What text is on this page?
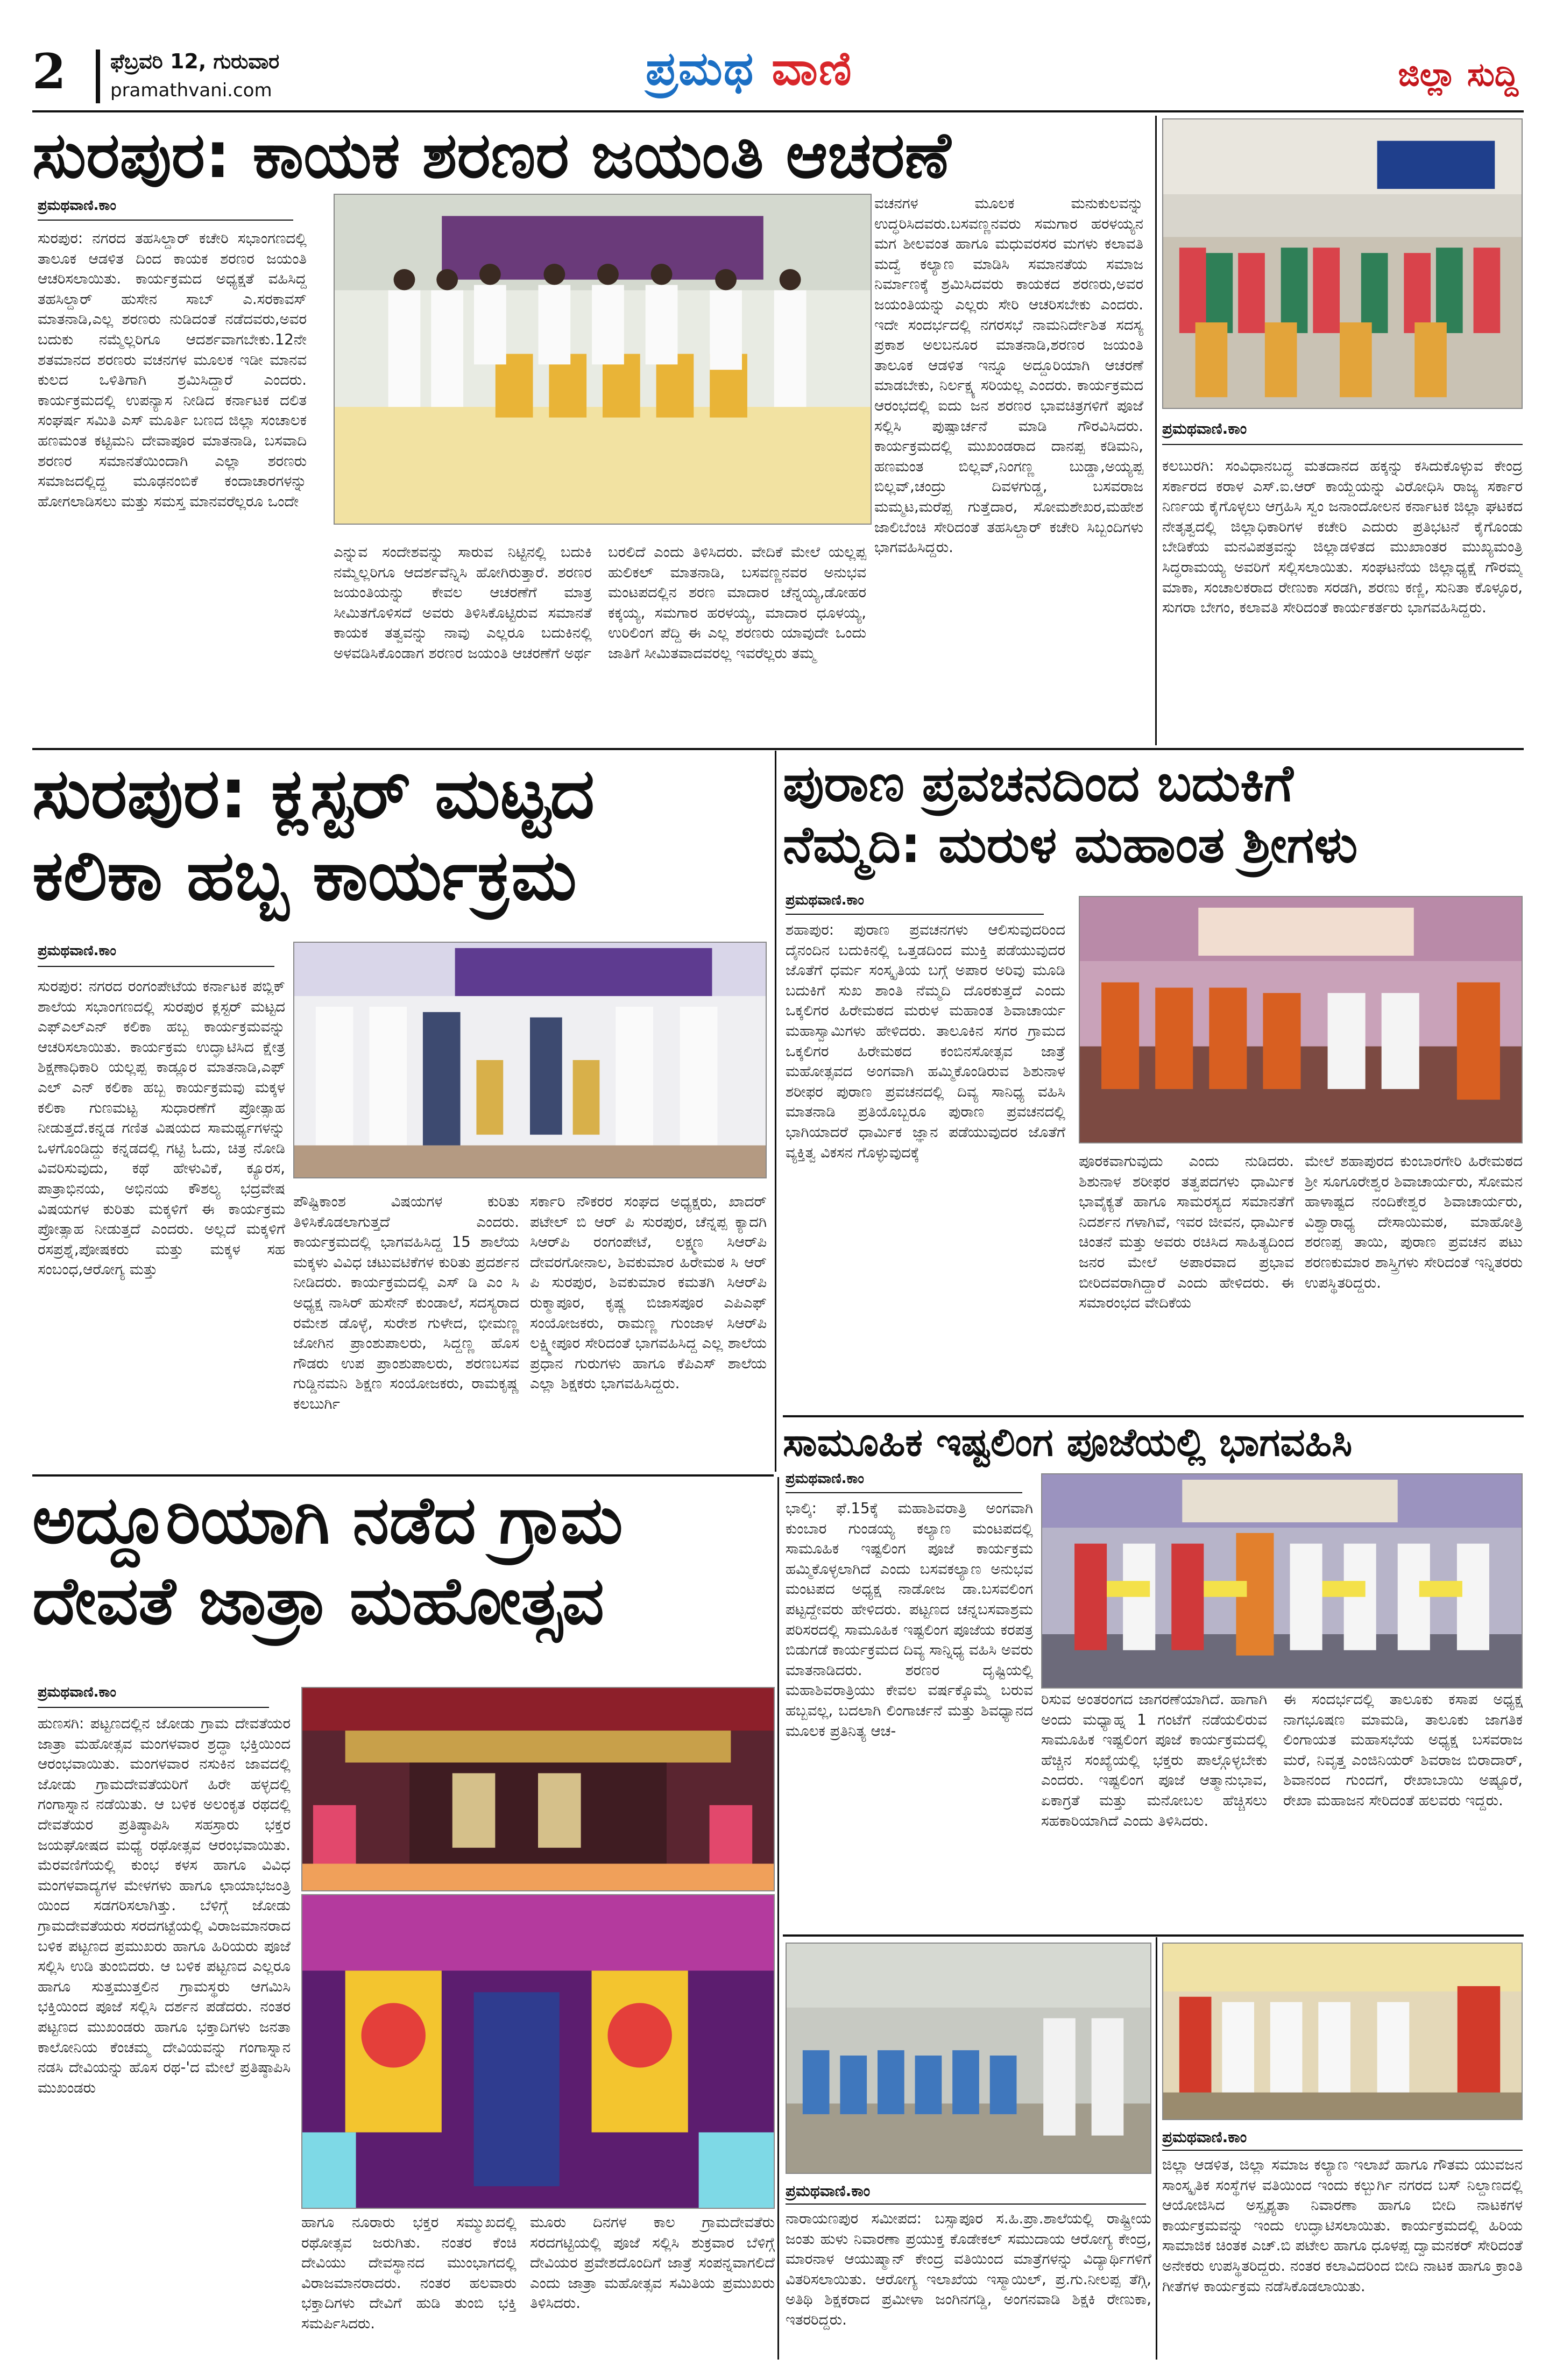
2 ಫೆಬ್ರವರಿ 12, ಗುರುವಾರ
pramathvani.com	ಪ್ರಮಥ ವಾಣಿ	ಜಿಲ್ಲಾ ಸುದ್ದಿ
ಸುರಪುರ: ಕಾಯಕ ಶರಣರ ಜಯಂತಿ ಆಚರಣೆ
ಪ್ರಮಥವಾಣಿ.ಕಾಂ
ಸುರಪುರ: ನಗರದ ತಹಸಿಲ್ದಾರ್ ಕಚೇರಿ ಸಭಾಂಗಣದಲ್ಲಿ ತಾಲೂಕ ಆಡಳಿತ ದಿಂದ ಕಾಯಕ ಶರಣರ ಜಯಂತಿ ಆಚರಿಸಲಾಯಿತು. ಕಾರ್ಯಕ್ರಮದ ಅಧ್ಯಕ್ಷತೆ ವಹಿಸಿದ್ದ ತಹಸಿಲ್ದಾರ್ ಹುಸೇನ ಸಾಬ್ ಎ.ಸರಕಾವಸ್ ಮಾತನಾಡಿ,ಎಲ್ಲ ಶರಣರು ನುಡಿದಂತೆ ನಡೆದವರು,ಅವರ ಬದುಕು ನಮ್ಮೆಲ್ಲರಿಗೂ ಆದರ್ಶವಾಗಬೇಕು.12ನೇ ಶತಮಾನದ ಶರಣರು ವಚನಗಳ ಮೂಲಕ ಇಡೀ ಮಾನವ ಕುಲದ ಒಳಿತಿಗಾಗಿ ಶ್ರಮಿಸಿದ್ದಾರೆ ಎಂದರು. ಕಾರ್ಯಕ್ರಮದಲ್ಲಿ ಉಪನ್ಯಾಸ ನೀಡಿದ ಕರ್ನಾಟಕ ದಲಿತ ಸಂಘರ್ಷ ಸಮಿತಿ ಎಸ್ ಮೂರ್ತಿ ಬಣದ ಜಿಲ್ಲಾ ಸಂಚಾಲಕ ಹಣಮಂತ ಕಟ್ಟಿಮನಿ ದೇವಾಪೂರ ಮಾತನಾಡಿ, ಬಸವಾದಿ ಶರಣರ ಸಮಾನತೆಯಿಂದಾಗಿ ಎಲ್ಲಾ ಶರಣರು ಸಮಾಜದಲ್ಲಿದ್ದ ಮೂಢನಂಬಿಕೆ ಕಂದಾಚಾರಗಳನ್ನು ಹೋಗಲಾಡಿಸಲು ಮತ್ತು ಸಮಸ್ತ ಮಾನವರೆಲ್ಲರೂ ಒಂದೇ
ಎನ್ನುವ ಸಂದೇಶವನ್ನು ಸಾರುವ ನಿಟ್ಟಿನಲ್ಲಿ ಬದುಕಿ ನಮ್ಮೆಲ್ಲರಿಗೂ ಆದರ್ಶವೆನ್ನಿಸಿ ಹೋಗಿರುತ್ತಾರೆ. ಶರಣರ ಜಯಂತಿಯನ್ನು ಕೇವಲ ಆಚರಣೆಗೆ ಮಾತ್ರ ಸೀಮಿತಗೊಳಿಸದೆ ಅವರು ತಿಳಿಸಿಕೊಟ್ಟಿರುವ ಸಮಾನತೆ ಕಾಯಕ ತತ್ವವನ್ನು ನಾವು ಎಲ್ಲರೂ ಬದುಕಿನಲ್ಲಿ ಅಳವಡಿಸಿಕೊಂಡಾಗ ಶರಣರ ಜಯಂತಿ ಆಚರಣೆಗೆ ಅರ್ಥ
ಬರಲಿದೆ ಎಂದು ತಿಳಿಸಿದರು. ವೇದಿಕೆ ಮೇಲೆ ಯಲ್ಲಪ್ಪ ಹುಲಿಕಲ್ ಮಾತನಾಡಿ, ಬಸವಣ್ಣನವರ ಅನುಭವ ಮಂಟಪದಲ್ಲಿನ ಶರಣ ಮಾದಾರ ಚೆನ್ನಯ್ಯ,ಡೋಹರ ಕಕ್ಕಯ್ಯ, ಸಮಗಾರ ಹರಳಯ್ಯ, ಮಾದಾರ ಧೂಳಯ್ಯ, ಉರಿಲಿಂಗ ಪೆದ್ದಿ ಈ ಎಲ್ಲ ಶರಣರು ಯಾವುದೇ ಒಂದು ಜಾತಿಗೆ ಸೀಮಿತವಾದವರಲ್ಲ ಇವರೆಲ್ಲರು ತಮ್ಮ
ವಚನಗಳ ಮೂಲಕ ಮನುಕುಲವನ್ನು ಉದ್ಧರಿಸಿದವರು.ಬಸವಣ್ಣನವರು ಸಮಗಾರ ಹರಳಯ್ಯನ ಮಗ ಶೀಲವಂತ ಹಾಗೂ ಮಧುವರಸರ ಮಗಳು ಕಲಾವತಿ ಮದ್ವೆ ಕಲ್ಯಾಣ ಮಾಡಿಸಿ ಸಮಾನತೆಯ ಸಮಾಜ ನಿರ್ಮಾಣಕ್ಕೆ ಶ್ರಮಿಸಿದವರು ಕಾಯಕದ ಶರಣರು,ಅವರ ಜಯಂತಿಯನ್ನು ಎಲ್ಲರು ಸೇರಿ ಆಚರಿಸಬೇಕು ಎಂದರು. ಇದೇ ಸಂದರ್ಭದಲ್ಲಿ ನಗರಸಭೆ ನಾಮನಿರ್ದೇಶಿತ ಸದಸ್ಯ ಪ್ರಕಾಶ ಅಲಬನೂರ ಮಾತನಾಡಿ,ಶರಣರ ಜಯಂತಿ ತಾಲೂಕ ಆಡಳಿತ ಇನ್ನೂ ಅದ್ದೂರಿಯಾಗಿ ಆಚರಣೆ ಮಾಡಬೇಕು, ನಿರ್ಲಕ್ಷ್ಯ ಸರಿಯಲ್ಲ ಎಂದರು. ಕಾರ್ಯಕ್ರಮದ ಆರಂಭದಲ್ಲಿ ಐದು ಜನ ಶರಣರ ಭಾವಚಿತ್ರಗಳಿಗೆ ಪೂಜೆ ಸಲ್ಲಿಸಿ ಪುಷ್ಪಾರ್ಚನೆ ಮಾಡಿ ಗೌರವಿಸಿದರು. ಕಾರ್ಯಕ್ರಮದಲ್ಲಿ ಮುಖಂಡರಾದ ದಾನಪ್ಪ ಕಡಿಮನಿ, ಹಣಮಂತ ಬಿಲ್ಲವ್,ನಿಂಗಣ್ಣ ಬುಡ್ಡಾ,ಅಯ್ಯಪ್ಪ ಬಿಲ್ಲವ್,ಚಂದ್ರು ದಿವಳಗುಡ್ಡ, ಬಸವರಾಜ ಮಮ್ಮಟ,ಮರೆಪ್ಪ ಗುತ್ತೆದಾರ, ಸೋಮಶೇಖರ,ಮಹೇಶ ಜಾಲಿಬೆಂಚಿ ಸೇರಿದಂತೆ ತಹಸಿಲ್ದಾರ್ ಕಚೇರಿ ಸಿಬ್ಬಂದಿಗಳು ಭಾಗವಹಿಸಿದ್ದರು.
ಪ್ರಮಥವಾಣಿ.ಕಾಂ
ಕಲಬುರಗಿ: ಸಂವಿಧಾನಬದ್ಧ ಮತದಾನದ ಹಕ್ಕನ್ನು ಕಸಿದುಕೊಳ್ಳುವ ಕೇಂದ್ರ ಸರ್ಕಾರದ ಕರಾಳ ಎಸ್.ಐ.ಆರ್ ಕಾಯ್ದೆಯನ್ನು ವಿರೋಧಿಸಿ ರಾಜ್ಯ ಸರ್ಕಾರ ನಿರ್ಣಯ ಕೈಗೊಳ್ಳಲು ಆಗ್ರಹಿಸಿ ಸ್ವಂ ಜನಾಂದೋಲನ ಕರ್ನಾಟಕ ಜಿಲ್ಲಾ ಘಟಕದ ನೇತೃತ್ವದಲ್ಲಿ ಜಿಲ್ಲಾಧಿಕಾರಿಗಳ ಕಚೇರಿ ಎದುರು ಪ್ರತಿಭಟನೆ ಕೈಗೊಂಡು ಬೇಡಿಕೆಯ ಮನವಿಪತ್ರವನ್ನು ಜಿಲ್ಲಾಡಳಿತದ ಮುಖಾಂತರ ಮುಖ್ಯಮಂತ್ರಿ ಸಿದ್ಧರಾಮಯ್ಯ ಅವರಿಗೆ ಸಲ್ಲಿಸಲಾಯಿತು. ಸಂಘಟನೆಯ ಜಿಲ್ಲಾಧ್ಯಕ್ಷೆ ಗೌರಮ್ಮ ಮಾಕಾ, ಸಂಚಾಲಕರಾದ ರೇಣುಕಾ ಸರಡಗಿ, ಶರಣು ಕಣ್ಣಿ, ಸುನಿತಾ ಕೊಳ್ಳೂರ, ಸುಗರಾ ಬೇಗಂ, ಕಲಾವತಿ ಸೇರಿದಂತೆ ಕಾರ್ಯಕರ್ತರು ಭಾಗವಹಿಸಿದ್ದರು.
ಸುರಪುರ: ಕ್ಲಸ್ಟರ್ ಮಟ್ಟದ
ಕಲಿಕಾ ಹಬ್ಬ ಕಾರ್ಯಕ್ರಮ
ಪ್ರಮಥವಾಣಿ.ಕಾಂ
ಸುರಪುರ: ನಗರದ ರಂಗಂಪೇಟೆಯ ಕರ್ನಾಟಕ ಪಬ್ಲಿಕ್ ಶಾಲೆಯ ಸಭಾಂಗಣದಲ್ಲಿ ಸುರಪುರ ಕ್ಲಸ್ಟರ್ ಮಟ್ಟದ ಎಫ್‌ಎಲ್‌ಎನ್ ಕಲಿಕಾ ಹಬ್ಬ ಕಾರ್ಯಕ್ರಮವನ್ನು ಆಚರಿಸಲಾಯಿತು. ಕಾರ್ಯಕ್ರಮ ಉದ್ಘಾಟಿಸಿದ ಕ್ಷೇತ್ರ ಶಿಕ್ಷಣಾಧಿಕಾರಿ ಯಲ್ಲಪ್ಪ ಕಾಡ್ಲೂರ ಮಾತನಾಡಿ,ಎಫ್ ಎಲ್ ಎನ್ ಕಲಿಕಾ ಹಬ್ಬ ಕಾರ್ಯಕ್ರಮವು ಮಕ್ಕಳ ಕಲಿಕಾ ಗುಣಮಟ್ಟ ಸುಧಾರಣೆಗೆ ಪ್ರೋತ್ಸಾಹ ನೀಡುತ್ತದೆ.ಕನ್ನಡ ಗಣಿತ ವಿಷಯದ ಸಾಮರ್ಥ್ಯಗಳನ್ನು ಒಳಗೊಂಡಿದ್ದು ಕನ್ನಡದಲ್ಲಿ ಗಟ್ಟಿ ಓದು, ಚಿತ್ರ ನೋಡಿ ವಿವರಿಸುವುದು, ಕಥೆ ಹೇಳುವಿಕೆ, ಕ್ಯೂರಸ, ಪಾತ್ರಾಭಿನಯ, ಅಭಿನಯ ಕೌಶಲ್ಯ ಭದ್ರವೇಷ ವಿಷಯಗಳ ಕುರಿತು ಮಕ್ಕಳಿಗೆ ಈ ಕಾರ್ಯಕ್ರಮ ಪ್ರೋತ್ಸಾಹ ನೀಡುತ್ತದೆ ಎಂದರು. ಅಲ್ಲದೆ ಮಕ್ಕಳಿಗೆ ರಸಪ್ರಶ್ನೆ,ಪೋಷಕರು ಮತ್ತು ಮಕ್ಕಳ ಸಹ ಸಂಬಂಧ,ಆರೋಗ್ಯ ಮತ್ತು
ಪೌಷ್ಟಿಕಾಂಶ ವಿಷಯಗಳ ಕುರಿತು ತಿಳಿಸಿಕೊಡಲಾಗುತ್ತದೆ ಎಂದರು. ಕಾರ್ಯಕ್ರಮದಲ್ಲಿ ಭಾಗವಹಿಸಿದ್ದ 15 ಶಾಲೆಯ ಮಕ್ಕಳು ವಿವಿಧ ಚಟುವಟಿಕೆಗಳ ಕುರಿತು ಪ್ರದರ್ಶನ ನೀಡಿದರು. ಕಾರ್ಯಕ್ರಮದಲ್ಲಿ ಎಸ್ ಡಿ ಎಂ ಸಿ ಅಧ್ಯಕ್ಷ ನಾಸಿರ್ ಹುಸೇನ್ ಕುಂಡಾಲೆ, ಸದಸ್ಯರಾದ ರಮೇಶ ಡೊಳ್ಳೆ, ಸುರೇಶ ಗುಳೇದ, ಭೀಮಣ್ಣ ಜೋಗಿನ ಪ್ರಾಂಶುಪಾಲರು, ಸಿದ್ದಣ್ಣ ಹೊಸ ಗೌಡರು ಉಪ ಪ್ರಾಂಶುಪಾಲರು, ಶರಣಬಸವ ಗುಡ್ಡಿನಮನಿ ಶಿಕ್ಷಣ ಸಂಯೋಜಕರು, ರಾಮಕೃಷ್ಣ ಕಲಬುರ್ಗಿ
ಸರ್ಕಾರಿ ನೌಕರರ ಸಂಘದ ಅಧ್ಯಕ್ಷರು, ಖಾದರ್ ಪಟೇಲ್ ಬಿ ಆರ್ ಪಿ ಸುರಪುರ, ಚೆನ್ನಪ್ಪ ಕ್ಯಾದಗಿ ಸಿಆರ್‌ಪಿ ರಂಗಂಪೇಟೆ, ಲಕ್ಷ್ಮಣ ಸಿಆರ್‌ಪಿ ದೇವರಗೋನಾಲ, ಶಿವಕುಮಾರ ಹಿರೇಮಠ ಸಿ ಆರ್ ಪಿ ಸುರಪುರ, ಶಿವಕುಮಾರ ಕಮತಗಿ ಸಿಆರ್‌ಪಿ ರುಕ್ಮಾಪೂರ, ಕೃಷ್ಣ ಬಿಜಾಸಪೂರ ಎಪಿಎಫ್ ಸಂಯೋಜಕರು, ರಾಮಣ್ಣ ಗುಂಜಾಳ ಸಿಆರ್‌ಪಿ ಲಕ್ಷ್ಮೀಪೂರ ಸೇರಿದಂತೆ ಭಾಗವಹಿಸಿದ್ದ ಎಲ್ಲ ಶಾಲೆಯ ಪ್ರಧಾನ ಗುರುಗಳು ಹಾಗೂ ಕೆಪಿಎಸ್ ಶಾಲೆಯ ಎಲ್ಲಾ ಶಿಕ್ಷಕರು ಭಾಗವಹಿಸಿದ್ದರು.
ಪುರಾಣ ಪ್ರವಚನದಿಂದ ಬದುಕಿಗೆ
ನೆಮ್ಮದಿ: ಮರುಳ ಮಹಾಂತ ಶ್ರೀಗಳು
ಪ್ರಮಥವಾಣಿ.ಕಾಂ
ಶಹಾಪುರ: ಪುರಾಣ ಪ್ರವಚನಗಳು ಆಲಿಸುವುದರಿಂದ ದೈನಂದಿನ ಬದುಕಿನಲ್ಲಿ ಒತ್ತಡದಿಂದ ಮುಕ್ತಿ ಪಡೆಯುವುದರ ಜೊತೆಗೆ ಧರ್ಮ ಸಂಸ್ಕೃತಿಯ ಬಗ್ಗೆ ಅಪಾರ ಅರಿವು ಮೂಡಿ ಬದುಕಿಗೆ ಸುಖ ಶಾಂತಿ ನೆಮ್ಮದಿ ದೊರಕುತ್ತದೆ ಎಂದು ಒಕ್ಕಲಿಗರ ಹಿರೇಮಠದ ಮರುಳ ಮಹಾಂತ ಶಿವಾಚಾರ್ಯ ಮಹಾಸ್ವಾಮಿಗಳು ಹೇಳಿದರು. ತಾಲೂಕಿನ ಸಗರ ಗ್ರಾಮದ ಒಕ್ಕಲಿಗರ ಹಿರೇಮಠದ ಕಂಬಿನಸೋತ್ಸವ ಜಾತ್ರೆ ಮಹೋತ್ಸವದ ಅಂಗವಾಗಿ ಹಮ್ಮಿಕೊಂಡಿರುವ ಶಿಶುನಾಳ ಶರೀಫರ ಪುರಾಣ ಪ್ರವಚನದಲ್ಲಿ ದಿವ್ಯ ಸಾನಿಧ್ಯ ವಹಿಸಿ ಮಾತನಾಡಿ ಪ್ರತಿಯೊಬ್ಬರೂ ಪುರಾಣ ಪ್ರವಚನದಲ್ಲಿ ಭಾಗಿಯಾದರೆ ಧಾರ್ಮಿಕ ಜ್ಞಾನ ಪಡೆಯುವುದರ ಜೊತೆಗೆ ವ್ಯಕ್ತಿತ್ವ ವಿಕಸನ ಗೊಳ್ಳುವುದಕ್ಕೆ
ಪೂರಕವಾಗುವುದು ಎಂದು ನುಡಿದರು. ಶಿಶುನಾಳ ಶರೀಫರ ತತ್ವಪದಗಳು ಧಾರ್ಮಿಕ ಭಾವೈಕ್ಯತೆ ಹಾಗೂ ಸಾಮರಸ್ಯದ ಸಮಾನತೆಗೆ ನಿದರ್ಶನ ಗಳಾಗಿವೆ, ಇವರ ಜೀವನ, ಧಾರ್ಮಿಕ ಚಿಂತನೆ ಮತ್ತು ಅವರು ರಚಿಸಿದ ಸಾಹಿತ್ಯದಿಂದ ಜನರ ಮೇಲೆ ಅಪಾರವಾದ ಪ್ರಭಾವ ಬೀರಿದವರಾಗಿದ್ದಾರೆ ಎಂದು ಹೇಳಿದರು. ಈ ಸಮಾರಂಭದ ವೇದಿಕೆಯ
ಮೇಲೆ ಶಹಾಪುರದ ಕುಂಬಾರಗೇರಿ ಹಿರೇಮಠದ ಶ್ರೀ ಸೂಗೂರೇಶ್ವರ ಶಿವಾಚಾರ್ಯರು, ಸೋಮನ ಹಾಳಾಷ್ಟದ ನಂದಿಕೇಶ್ವರ ಶಿವಾಚಾರ್ಯರು, ವಿಶ್ವಾರಾಧ್ಯ ದೇಸಾಯಿಮಠ, ಮಾಹೋತ್ರಿ ಶರಣಪ್ಪ ತಾಯಿ, ಪುರಾಣ ಪ್ರವಚನ ಪಟು ಶರಣಕುಮಾರ ಶಾಸ್ತ್ರಿಗಳು ಸೇರಿದಂತೆ ಇನ್ನಿತರರು ಉಪಸ್ಥಿತರಿದ್ದರು.
ಸಾಮೂಹಿಕ ಇಷ್ಟಲಿಂಗ ಪೂಜೆಯಲ್ಲಿ ಭಾಗವಹಿಸಿ
ಪ್ರಮಥವಾಣಿ.ಕಾಂ
ಭಾಲ್ಕಿ: ಫೆ.15ಕ್ಕೆ ಮಹಾಶಿವರಾತ್ರಿ ಅಂಗವಾಗಿ ಕುಂಬಾರ ಗುಂಡಯ್ಯ ಕಲ್ಯಾಣ ಮಂಟಪದಲ್ಲಿ ಸಾಮೂಹಿಕ ಇಷ್ಟಲಿಂಗ ಪೂಜೆ ಕಾರ್ಯಕ್ರಮ ಹಮ್ಮಿಕೊಳ್ಳಲಾಗಿದೆ ಎಂದು ಬಸವಕಲ್ಯಾಣ ಅನುಭವ ಮಂಟಪದ ಅಧ್ಯಕ್ಷ ನಾಡೋಜ ಡಾ.ಬಸವಲಿಂಗ ಪಟ್ಟದ್ದೇವರು ಹೇಳಿದರು. ಪಟ್ಟಣದ ಚನ್ನಬಸವಾಶ್ರಮ ಪರಿಸರದಲ್ಲಿ ಸಾಮೂಹಿಕ ಇಷ್ಟಲಿಂಗ ಪೂಜೆಯ ಕರಪತ್ರ ಬಿಡುಗಡೆ ಕಾರ್ಯಕ್ರಮದ ದಿವ್ಯ ಸಾನ್ನಿಧ್ಯ ವಹಿಸಿ ಅವರು ಮಾತನಾಡಿದರು. ಶರಣರ ದೃಷ್ಟಿಯಲ್ಲಿ ಮಹಾಶಿವರಾತ್ರಿಯು ಕೇವಲ ವರ್ಷಕ್ಕೊಮ್ಮೆ ಬರುವ ಹಬ್ಬವಲ್ಲ, ಬದಲಾಗಿ ಲಿಂಗಾರ್ಚನೆ ಮತ್ತು ಶಿವಧ್ಯಾನದ ಮೂಲಕ ಪ್ರತಿನಿತ್ಯ ಆಚ-
ರಿಸುವ ಅಂತರಂಗದ ಜಾಗರಣೆಯಾಗಿದೆ. ಹಾಗಾಗಿ ಅಂದು ಮಧ್ಯಾಹ್ನ 1 ಗಂಟೆಗೆ ನಡೆಯಲಿರುವ ಸಾಮೂಹಿಕ ಇಷ್ಟಲಿಂಗ ಪೂಜೆ ಕಾರ್ಯಕ್ರಮದಲ್ಲಿ ಹೆಚ್ಚಿನ ಸಂಖ್ಯೆಯಲ್ಲಿ ಭಕ್ತರು ಪಾಲ್ಗೊಳ್ಳಬೇಕು ಎಂದರು. ಇಷ್ಟಲಿಂಗ ಪೂಜೆ ಆತ್ಮಾನುಭಾವ, ಏಕಾಗ್ರತೆ ಮತ್ತು ಮನೋಬಲ ಹೆಚ್ಚಿಸಲು ಸಹಕಾರಿಯಾಗಿದೆ ಎಂದು ತಿಳಿಸಿದರು.
ಈ ಸಂದರ್ಭದಲ್ಲಿ ತಾಲೂಕು ಕಸಾಪ ಅಧ್ಯಕ್ಷ ನಾಗಭೂಷಣ ಮಾಮಡಿ, ತಾಲೂಕು ಜಾಗತಿಕ ಲಿಂಗಾಯತ ಮಹಾಸಭೆಯ ಅಧ್ಯಕ್ಷ ಬಸವರಾಜ ಮರೆ, ನಿವೃತ್ತ ಎಂಜಿನಿಯರ್ ಶಿವರಾಜ ಬಿರಾದಾರ್, ಶಿವಾನಂದ ಗುಂದಗೆ, ರೇಖಾಬಾಯಿ ಅಷ್ಟೂರೆ, ರೇಖಾ ಮಹಾಜನ ಸೇರಿದಂತೆ ಹಲವರು ಇದ್ದರು.
ಅದ್ದೂರಿಯಾಗಿ ನಡೆದ ಗ್ರಾಮ
ದೇವತೆ ಜಾತ್ರಾ ಮಹೋತ್ಸವ
ಪ್ರಮಥವಾಣಿ.ಕಾಂ
ಹುಣಸಗಿ: ಪಟ್ಟಣದಲ್ಲಿನ ಜೋಡು ಗ್ರಾಮ ದೇವತೆಯರ ಜಾತ್ರಾ ಮಹೋತ್ಸವ ಮಂಗಳವಾರ ಶ್ರದ್ಧಾ ಭಕ್ತಿಯಿಂದ ಆರಂಭವಾಯಿತು. ಮಂಗಳವಾರ ನಸುಕಿನ ಜಾವದಲ್ಲಿ ಜೋಡು ಗ್ರಾಮದೇವತೆಯರಿಗೆ ಹಿರೇ ಹಳ್ಳದಲ್ಲಿ ಗಂಗಾಸ್ನಾನ ನಡೆಯಿತು. ಆ ಬಳಿಕ ಅಲಂಕೃತ ರಥದಲ್ಲಿ ದೇವತೆಯರ ಪ್ರತಿಷ್ಠಾಪಿಸಿ ಸಹಸ್ರಾರು ಭಕ್ತರ ಜಯಘೋಷದ ಮಧ್ಯೆ ರಥೋತ್ಸವ ಆರಂಭವಾಯಿತು. ಮೆರವಣಿಗೆಯಲ್ಲಿ ಕುಂಭ ಕಳಸ ಹಾಗೂ ವಿವಿಧ ಮಂಗಳವಾದ್ಯಗಳ ಮೇಳಗಳು ಹಾಗೂ ಛಾಯಾಭಜಂತ್ರಿ ಯಿಂದ ಸಡಗರಿಸಲಾಗಿತ್ತು. ಬೆಳಿಗ್ಗೆ ಜೋಡು ಗ್ರಾಮದೇವತೆಯರು ಸರದಗಟ್ಟೆಯಲ್ಲಿ ವಿರಾಜಮಾನರಾದ ಬಳಿಕ ಪಟ್ಟಣದ ಪ್ರಮುಖರು ಹಾಗೂ ಹಿರಿಯರು ಪೂಜೆ ಸಲ್ಲಿಸಿ ಉಡಿ ತುಂಬಿದರು. ಆ ಬಳಿಕ ಪಟ್ಟಣದ ಎಲ್ಲರೂ ಹಾಗೂ ಸುತ್ತಮುತ್ತಲಿನ ಗ್ರಾಮಸ್ಥರು ಆಗಮಿಸಿ ಭಕ್ತಿಯಿಂದ ಪೂಜೆ ಸಲ್ಲಿಸಿ ದರ್ಶನ ಪಡೆದರು. ನಂತರ ಪಟ್ಟಣದ ಮುಖಂಡರು ಹಾಗೂ ಭಕ್ತಾದಿಗಳು ಜನತಾ ಕಾಲೋನಿಯ ಕೆಂಚಮ್ಮ ದೇವಿಯವನ್ನು ಗಂಗಾಸ್ನಾನ ನಡಸಿ ದೇವಿಯನ್ನು ಹೊಸ ರಥ-'ದ ಮೇಲೆ ಪ್ರತಿಷ್ಠಾಪಿಸಿ ಮುಖಂಡರು
ಹಾಗೂ ನೂರಾರು ಭಕ್ತರ ಸಮ್ಮುಖದಲ್ಲಿ ರಥೋತ್ಸವ ಜರುಗಿತು. ನಂತರ ಕೆಂಚಿ ದೇವಿಯು ದೇವಸ್ಥಾನದ ಮುಂಭಾಗದಲ್ಲಿ ವಿರಾಜಮಾನರಾದರು. ನಂತರ ಹಲವಾರು ಭಕ್ತಾದಿಗಳು ದೇವಿಗೆ ಹುಡಿ ತುಂಬಿ ಭಕ್ತಿ ಸಮರ್ಪಿಸಿದರು.
ಮೂರು ದಿನಗಳ ಕಾಲ ಗ್ರಾಮದೇವತೆರು ಸರದಗಟ್ಟಿಯಲ್ಲಿ ಪೂಜೆ ಸಲ್ಲಿಸಿ ಶುಕ್ರವಾರ ಬೆಳಿಗ್ಗೆ ದೇವಿಯರ ಪ್ರವೇಶದೊಂದಿಗೆ ಜಾತ್ರೆ ಸಂಪನ್ನವಾಗಲಿದೆ ಎಂದು ಜಾತ್ರಾ ಮಹೋತ್ಸವ ಸಮಿತಿಯ ಪ್ರಮುಖರು ತಿಳಿಸಿದರು.
ಪ್ರಮಥವಾಣಿ.ಕಾಂ
ನಾರಾಯಣಪುರ ಸಮೀಪದ: ಬಸ್ಸಾಪೂರ ಸ.ಹಿ.ಪ್ರಾ.ಶಾಲೆಯಲ್ಲಿ ರಾಷ್ಟ್ರೀಯ ಜಂತು ಹುಳು ನಿವಾರಣಾ ಪ್ರಯುಕ್ತ ಕೊಡೇಕಲ್ ಸಮುದಾಯ ಆರೋಗ್ಯ ಕೇಂದ್ರ, ಮಾರನಾಳ ಆಯುಷ್ಮಾನ್ ಕೇಂದ್ರ ವತಿಯಿಂದ ಮಾತ್ರೆಗಳನ್ನು ವಿದ್ಯಾರ್ಥಿಗಳಿಗೆ ವಿತರಿಸಲಾಯಿತು. ಆರೋಗ್ಯ ಇಲಾಖೆಯ ಇಸ್ಮಾಯಿಲ್, ಪ್ರ.ಗು.ನೀಲಪ್ಪ ತೆಗ್ಗಿ, ಅತಿಥಿ ಶಿಕ್ಷಕರಾದ ಪ್ರಮೀಳಾ ಜಂಗಿನಗಡ್ಡಿ, ಅಂಗನವಾಡಿ ಶಿಕ್ಷಕಿ ರೇಣುಕಾ, ಇತರರಿದ್ದರು.
ಪ್ರಮಥವಾಣಿ.ಕಾಂ
ಜಿಲ್ಲಾ ಆಡಳಿತ, ಜಿಲ್ಲಾ ಸಮಾಜ ಕಲ್ಯಾಣ ಇಲಾಖೆ ಹಾಗೂ ಗೌತಮ ಯುವಜನ ಸಾಂಸ್ಕೃತಿಕ ಸಂಸ್ಥೆಗಳ ವತಿಯಿಂದ ಇಂದು ಕಲ್ಬುರ್ಗಿ ನಗರದ ಬಸ್ ನಿಲ್ದಾಣದಲ್ಲಿ ಆಯೋಜಿಸಿದ ಅಸ್ಪೃಶ್ಯತಾ ನಿವಾರಣಾ ಹಾಗೂ ಬೀದಿ ನಾಟಕಗಳ ಕಾರ್ಯಕ್ರಮವನ್ನು ಇಂದು ಉದ್ಘಾಟಿಸಲಾಯಿತು. ಕಾರ್ಯಕ್ರಮದಲ್ಲಿ ಹಿರಿಯ ಸಾಮಾಜಿಕ ಚಿಂತಕ ಎಚ್.ಬಿ ಪಟೇಲ ಹಾಗೂ ಧೂಳಪ್ಪ ದ್ವಾಮನಕರ್ ಸೇರಿದಂತೆ ಅನೇಕರು ಉಪಸ್ಥಿತರಿದ್ದರು. ನಂತರ ಕಲಾವಿದರಿಂದ ಬೀದಿ ನಾಟಕ ಹಾಗೂ ಕ್ರಾಂತಿ ಗೀತೆಗಳ ಕಾರ್ಯಕ್ರಮ ನಡೆಸಿಕೊಡಲಾಯಿತು.
